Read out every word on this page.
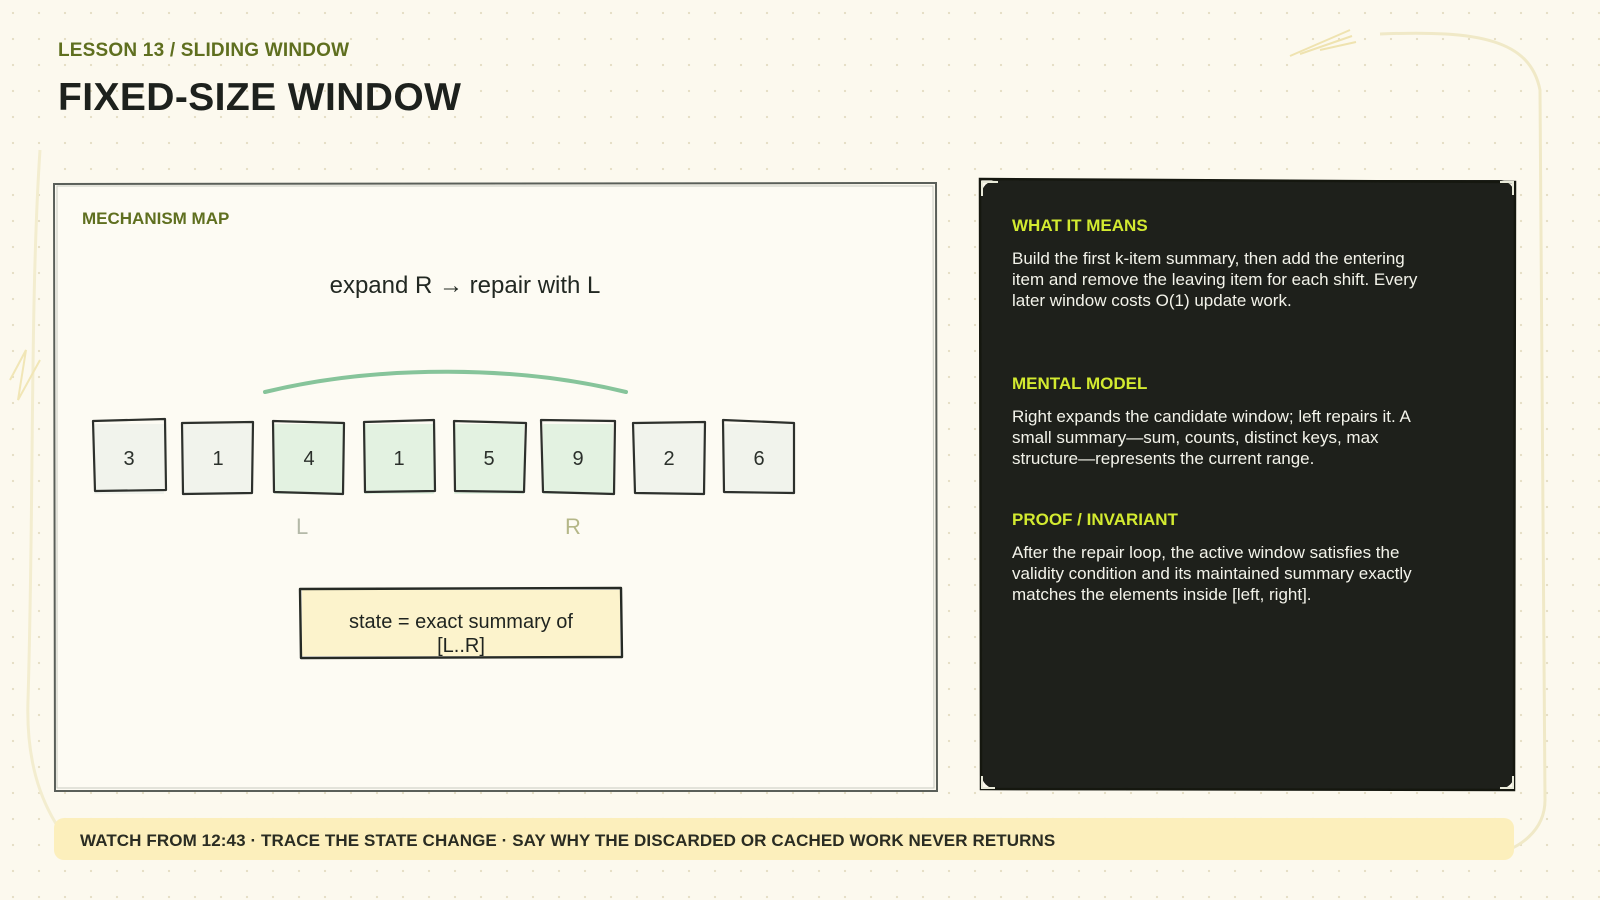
LESSON 13 / SLIDING WINDOW
FIXED-SIZE WINDOW
MECHANISM MAP
expand R → repair with L
3	1	4	1	5	9	2	6
L	R
state = exact summary of [L..R]
WHAT IT MEANS
Build the first k-item summary, then add the entering item and remove the leaving item for each shift. Every later window costs O(1) update work.
MENTAL MODEL
Right expands the candidate window; left repairs it. A small summary—sum, counts, distinct keys, max structure—represents the current range.
PROOF / INVARIANT
After the repair loop, the active window satisfies the validity condition and its maintained summary exactly matches the elements inside [left, right].
WATCH FROM 12:43 · TRACE THE STATE CHANGE · SAY WHY THE DISCARDED OR CACHED WORK NEVER RETURNS
